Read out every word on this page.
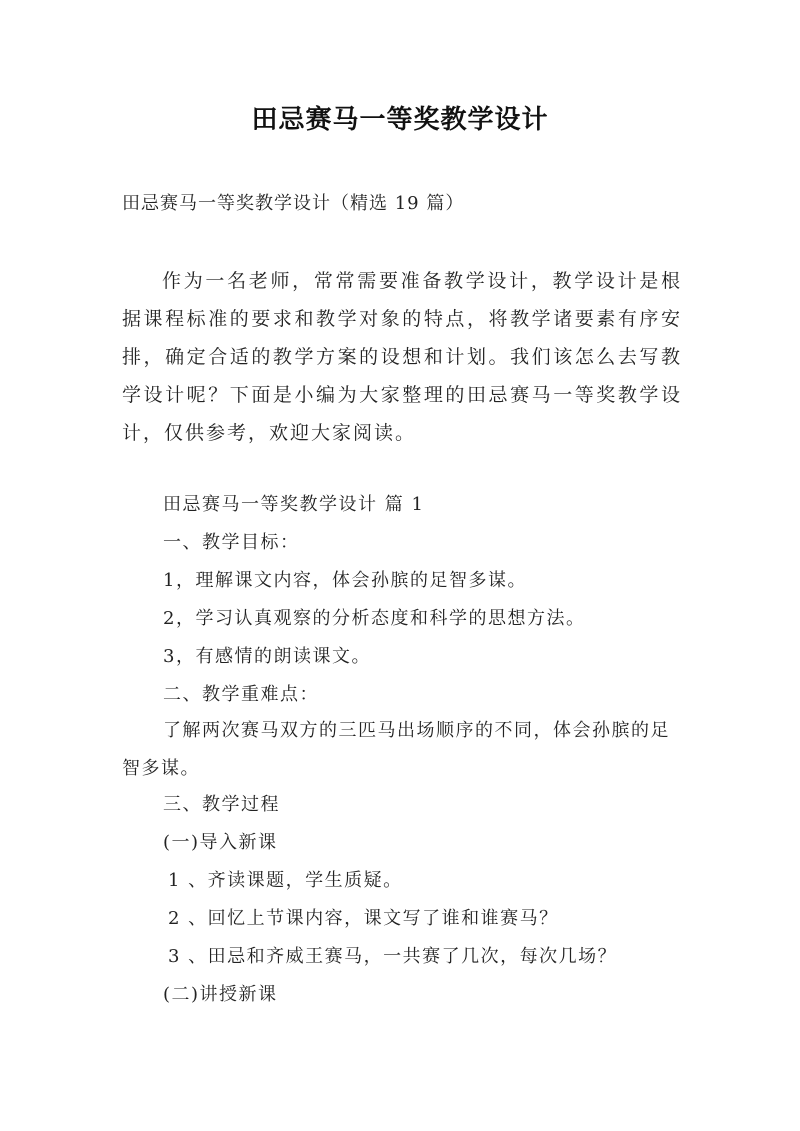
田忌赛马一等奖教学设计
田忌赛马一等奖教学设计（精选 19 篇）
作为一名老师，常常需要准备教学设计，教学设计是根据课程标准的要求和教学对象的特点，将教学诸要素有序安排，确定合适的教学方案的设想和计划。我们该怎么去写教学设计呢？下面是小编为大家整理的田忌赛马一等奖教学设计，仅供参考，欢迎大家阅读。
田忌赛马一等奖教学设计 篇 1
一、教学目标：
1，理解课文内容，体会孙膑的足智多谋。
2，学习认真观察的分析态度和科学的思想方法。
3，有感情的朗读课文。
二、教学重难点：
了解两次赛马双方的三匹马出场顺序的不同，体会孙膑的足智多谋。
三、教学过程
(一)导入新课
1 、齐读课题，学生质疑。
2 、回忆上节课内容，课文写了谁和谁赛马？
3 、田忌和齐威王赛马，一共赛了几次，每次几场？
(二)讲授新课
